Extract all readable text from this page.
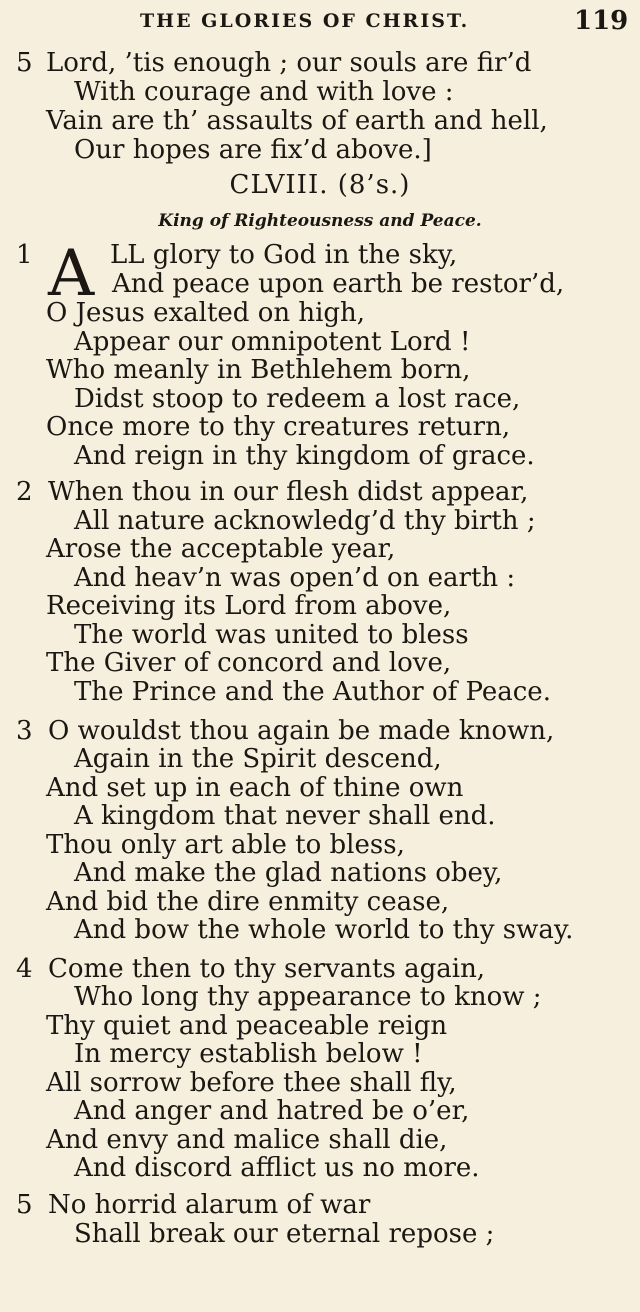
THE GLORIES OF CHRIST.	119
5 Lord, ’tis enough ; our souls are fir’d
With courage and with love :
Vain are th’ assaults of earth and hell,
Our hopes are fix’d above.]
CLVIII. (8’s.)
King of Righteousness and Peace.
1 A LL glory to God in the sky,
And peace upon earth be restor’d,
O Jesus exalted on high,
Appear our omnipotent Lord !
Who meanly in Bethlehem born,
Didst stoop to redeem a lost race,
Once more to thy creatures return,
And reign in thy kingdom of grace.
2 When thou in our flesh didst appear,
All nature acknowledg’d thy birth ;
Arose the acceptable year,
And heav’n was open’d on earth :
Receiving its Lord from above,
The world was united to bless
The Giver of concord and love,
The Prince and the Author of Peace.
3 O wouldst thou again be made known,
Again in the Spirit descend,
And set up in each of thine own
A kingdom that never shall end.
Thou only art able to bless,
And make the glad nations obey,
And bid the dire enmity cease,
And bow the whole world to thy sway.
4 Come then to thy servants again,
Who long thy appearance to know ;
Thy quiet and peaceable reign
In mercy establish below !
All sorrow before thee shall fly,
And anger and hatred be o’er,
And envy and malice shall die,
And discord afflict us no more.
5 No horrid alarum of war
Shall break our eternal repose ;
